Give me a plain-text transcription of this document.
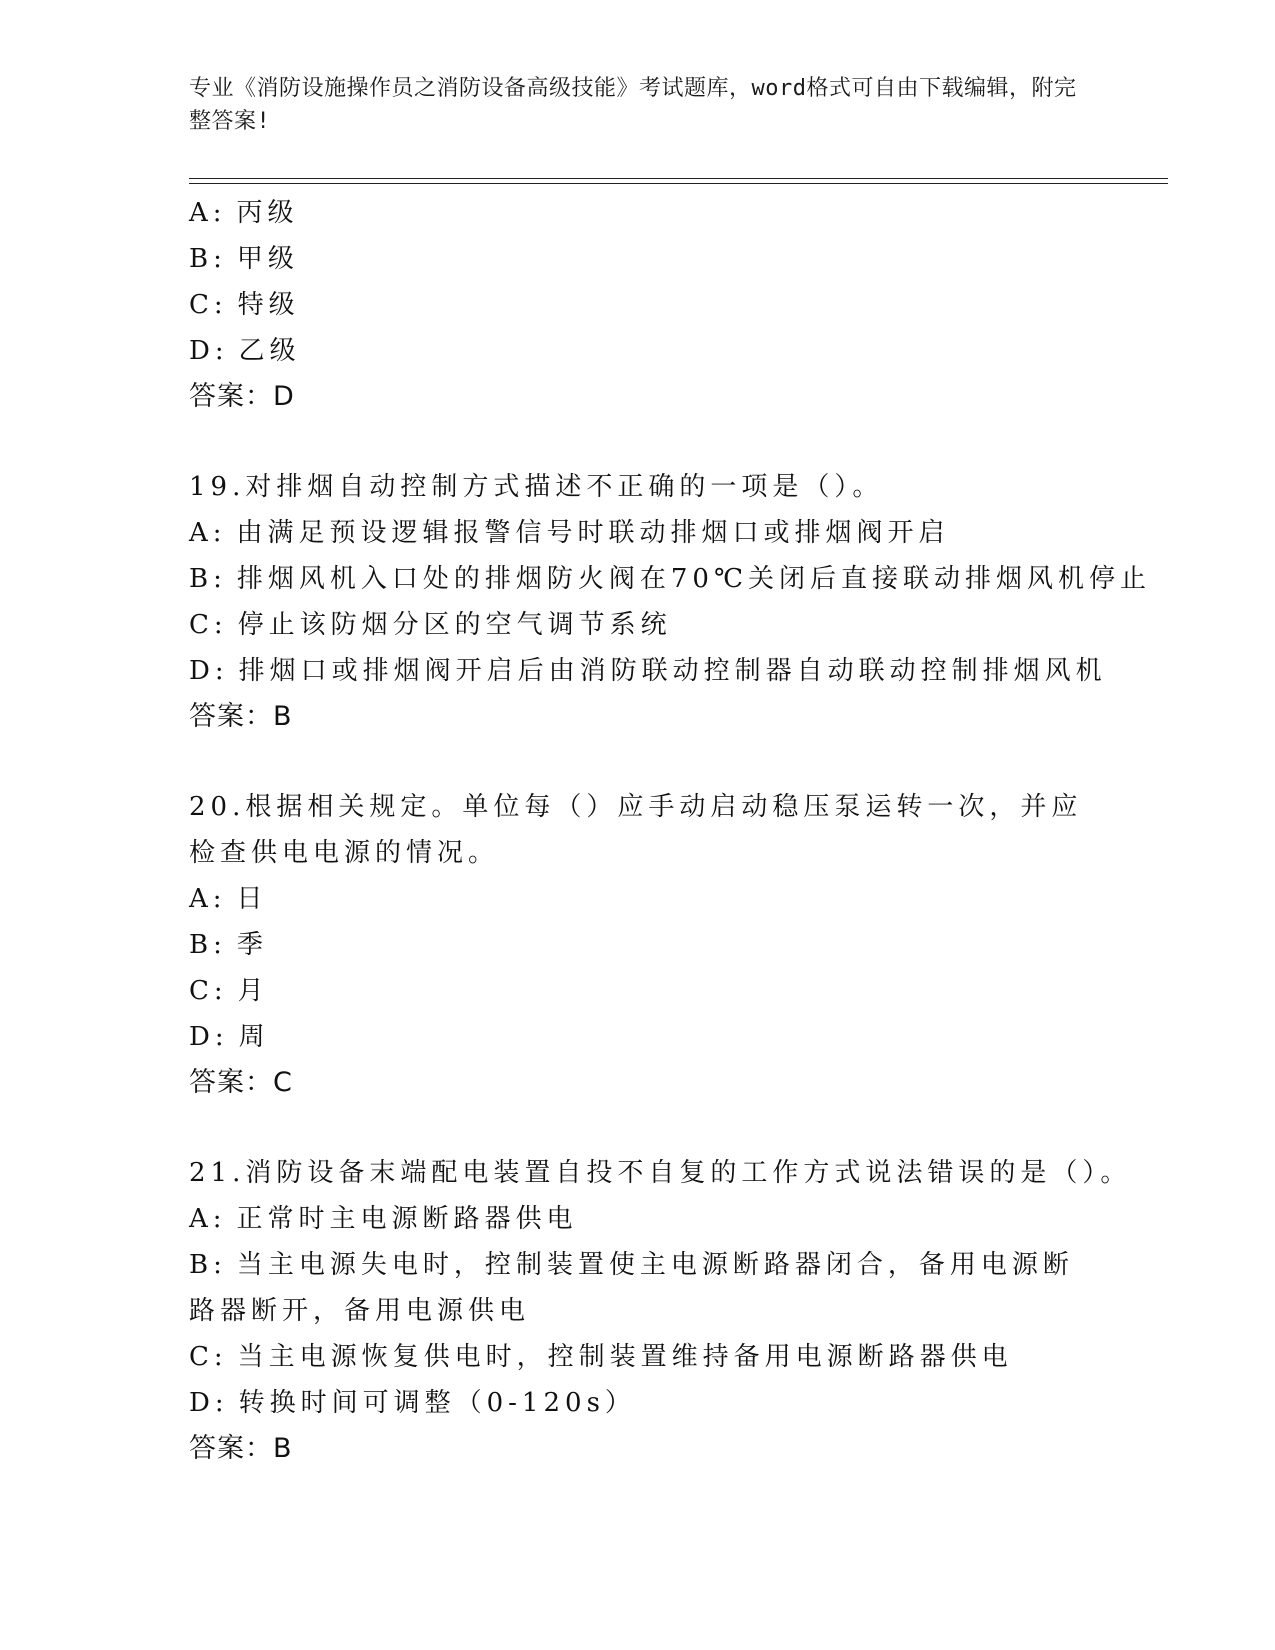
专业《消防设施操作员之消防设备高级技能》考试题库，word格式可自由下载编辑，附完整答案!
A: 丙级
B: 甲级
C: 特级
D: 乙级
答案：D
19.对排烟自动控制方式描述不正确的一项是（）。
A: 由满足预设逻辑报警信号时联动排烟口或排烟阀开启
B: 排烟风机入口处的排烟防火阀在70℃关闭后直接联动排烟风机停止
C: 停止该防烟分区的空气调节系统
D: 排烟口或排烟阀开启后由消防联动控制器自动联动控制排烟风机
答案：B
20.根据相关规定。单位每（）应手动启动稳压泵运转一次，并应检查供电电源的情况。
A: 日
B: 季
C: 月
D: 周
答案：C
21.消防设备末端配电装置自投不自复的工作方式说法错误的是（）。
A: 正常时主电源断路器供电
B: 当主电源失电时，控制装置使主电源断路器闭合，备用电源断路器断开，备用电源供电
C: 当主电源恢复供电时，控制装置维持备用电源断路器供电
D: 转换时间可调整（0-120s）
答案：B
